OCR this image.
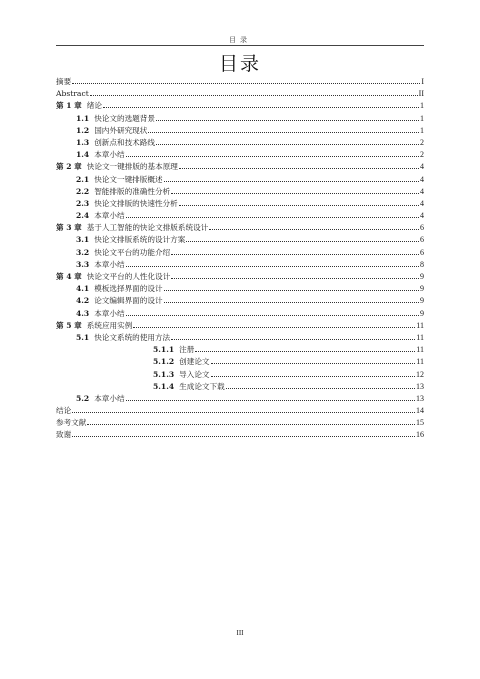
目录
目录
摘要	I
Abstract	II
第 1 章 绪论	1
1.1 快论文的选题背景	1
1.2 国内外研究现状	1
1.3 创新点和技术路线	2
1.4 本章小结	2
第 2 章 快论文一键排版的基本原理	4
2.1 快论文一键排版概述	4
2.2 智能排版的准确性分析	4
2.3 快论文排版的快速性分析	4
2.4 本章小结	4
第 3 章 基于人工智能的快论文排版系统设计	6
3.1 快论文排版系统的设计方案	6
3.2 快论文平台的功能介绍	6
3.3 本章小结	8
第 4 章 快论文平台的人性化设计	9
4.1 模板选择界面的设计	9
4.2 论文编辑界面的设计	9
4.3 本章小结	9
第 5 章 系统应用实例	11
5.1 快论文系统的使用方法	11
5.1.1 注册	11
5.1.2 创建论文	11
5.1.3 导入论文	12
5.1.4 生成论文下载	13
5.2 本章小结	13
结论	14
参考文献	15
致谢	16
III
